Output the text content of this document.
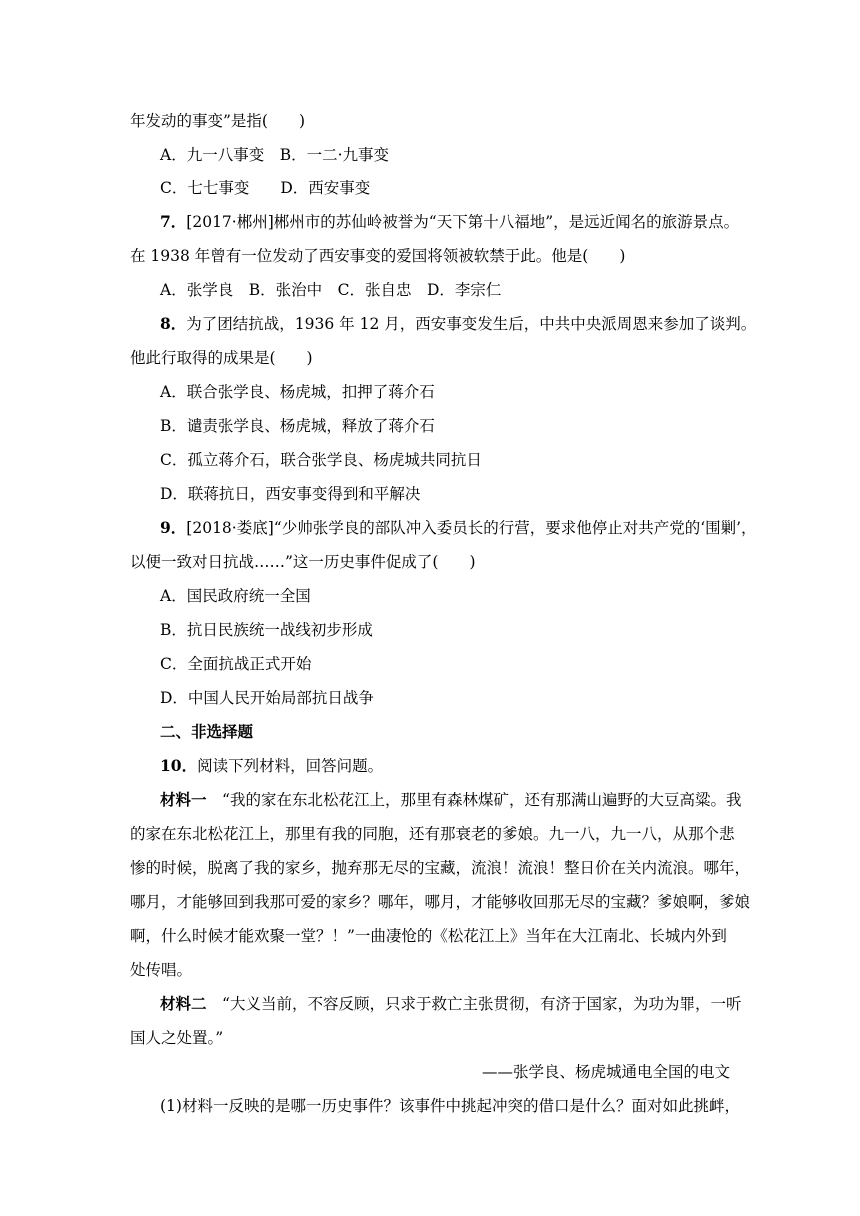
年发动的事变”是指(　　)
A．九一八事变　B．一二·九事变
C．七七事变　　D．西安事变
7．[2017·郴州]郴州市的苏仙岭被誉为“天下第十八福地”，是远近闻名的旅游景点。
在 1938 年曾有一位发动了西安事变的爱国将领被软禁于此。他是(　　)
A．张学良　B．张治中　C．张自忠　D．李宗仁
8．为了团结抗战，1936 年 12 月，西安事变发生后，中共中央派周恩来参加了谈判。
他此行取得的成果是(　　)
A．联合张学良、杨虎城，扣押了蒋介石
B．谴责张学良、杨虎城，释放了蒋介石
C．孤立蒋介石，联合张学良、杨虎城共同抗日
D．联蒋抗日，西安事变得到和平解决
9．[2018·娄底]“少帅张学良的部队冲入委员长的行营，要求他停止对共产党的‘围剿’，
以便一致对日抗战……”这一历史事件促成了(　　)
A．国民政府统一全国
B．抗日民族统一战线初步形成
C．全面抗战正式开始
D．中国人民开始局部抗日战争
二、非选择题
10．阅读下列材料，回答问题。
材料一　 “我的家在东北松花江上，那里有森林煤矿，还有那满山遍野的大豆高粱。我
的家在东北松花江上，那里有我的同胞，还有那衰老的爹娘。九一八，九一八，从那个悲
惨的时候，脱离了我的家乡，抛弃那无尽的宝藏，流浪！流浪！整日价在关内流浪。哪年，
哪月，才能够回到我那可爱的家乡？哪年，哪月，才能够收回那无尽的宝藏？爹娘啊，爹娘
啊，什么时候才能欢聚一堂？！”一曲凄怆的《松花江上》当年在大江南北、长城内外到
处传唱。
材料二　 “大义当前，不容反顾，只求于救亡主张贯彻，有济于国家，为功为罪，一听
国人之处置。”
——张学良、杨虎城通电全国的电文
(1)材料一反映的是哪一历史事件？该事件中挑起冲突的借口是什么？面对如此挑衅，
